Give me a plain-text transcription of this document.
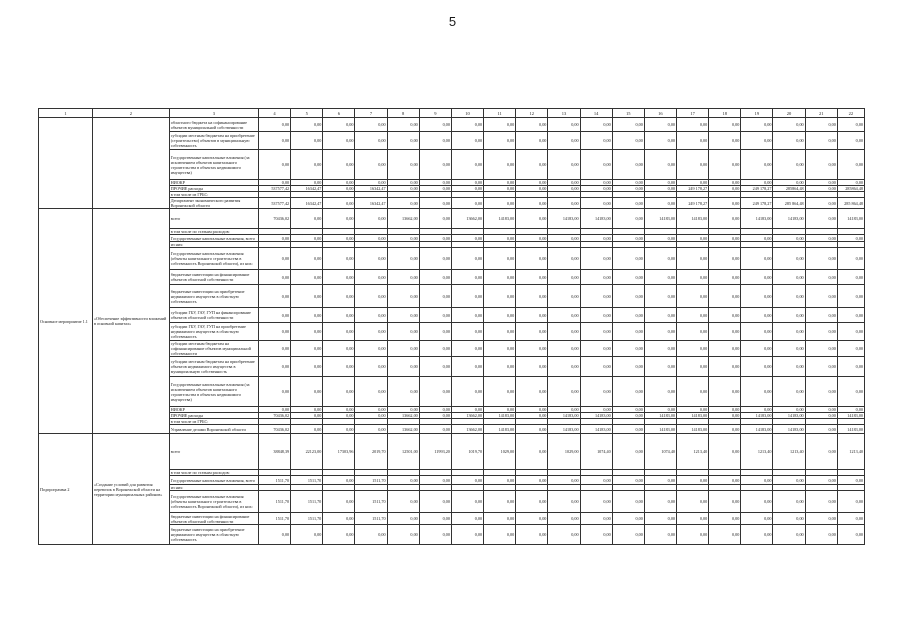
5
1	2	3	4	5	6	7	8	9	10	11	12	13	14	15	16	17	18	19	20	21	22
		областного бюджета на софинансирование объектов муниципальной собственности	0,00	0,00	0,00	0,00	0,00	0,00	0,00	0,00	0,00	0,00	0,00	0,00	0,00	0,00	0,00	0,00	0,00	0,00	0,00
		субсидии местным бюджетам на приобретение (строительство) объектов в муниципальную собственность	0,00	0,00	0,00	0,00	0,00	0,00	0,00	0,00	0,00	0,00	0,00	0,00	0,00	0,00	0,00	0,00	0,00	0,00	0,00
		Государственные капитальные вложения (за исключением объектов капитального строительства в объектах недвижимого имущества)	0,00	0,00	0,00	0,00	0,00	0,00	0,00	0,00	0,00	0,00	0,00	0,00	0,00	0,00	0,00	0,00	0,00	0,00	0,00
		НИОКР	0,00	0,00	0,00	0,00	0,00	0,00	0,00	0,00	0,00	0,00	0,00	0,00	0,00	0,00	0,00	0,00	0,00	0,00	0,00
		ПРОЧИЕ расходы	537577,42	16342,47	0,00	16342,47	0,00	0,00	0,00	0,00	0,00	0,00	0,00	0,00	0,00	249 178,27	0,00	249 178,27	285864,48	0,00	285864,48
		в том числе из ГРБС:																			
		Департамент экономического развития Воронежской области	537577,42	16342,47	0,00	16342,47	0,00	0,00	0,00	0,00	0,00	0,00	0,00	0,00	0,00	249 178,27	0,00	249 178,27	285 864,48	0,00	285 864,48
Основное мероприятие 1.1	«Обеспечение эффективности вложений в основной капитал»	всего	70436,02	0,00	0,00	0,00	13662,00	0,00	13662,00	14183,00	0,00	14183,00	14183,00	0,00	14183,00	14183,00	0,00	14183,00	14183,00	0,00	14183,00
		в том числе по статьям расходов:																			
		Государственные капитальные вложения, всего	0,00	0,00	0,00	0,00	0,00	0,00	0,00	0,00	0,00	0,00	0,00	0,00	0,00	0,00	0,00	0,00	0,00	0,00	0,00
		из них:																			
		Государственные капитальные вложения (объекты капитального строительства в собственность Воронежской области), из них:	0,00	0,00	0,00	0,00	0,00	0,00	0,00	0,00	0,00	0,00	0,00	0,00	0,00	0,00	0,00	0,00	0,00	0,00	0,00
		бюджетные инвестиции на финансирование объектов областной собственности	0,00	0,00	0,00	0,00	0,00	0,00	0,00	0,00	0,00	0,00	0,00	0,00	0,00	0,00	0,00	0,00	0,00	0,00	0,00
		бюджетные инвестиции на приобретение недвижимого имущества в областную собственность	0,00	0,00	0,00	0,00	0,00	0,00	0,00	0,00	0,00	0,00	0,00	0,00	0,00	0,00	0,00	0,00	0,00	0,00	0,00
		субсидии ГБУ, ГАУ, ГУП на финансирование объектов областной собственности	0,00	0,00	0,00	0,00	0,00	0,00	0,00	0,00	0,00	0,00	0,00	0,00	0,00	0,00	0,00	0,00	0,00	0,00	0,00
		субсидии ГБУ, ГАУ, ГУП на приобретение недвижимого имущества в областную собственность	0,00	0,00	0,00	0,00	0,00	0,00	0,00	0,00	0,00	0,00	0,00	0,00	0,00	0,00	0,00	0,00	0,00	0,00	0,00
		субсидии местным бюджетам на софинансирование объектов муниципальной собственности	0,00	0,00	0,00	0,00	0,00	0,00	0,00	0,00	0,00	0,00	0,00	0,00	0,00	0,00	0,00	0,00	0,00	0,00	0,00
		субсидии местным бюджетам на приобретение объектов недвижимого имущества в муниципальную собственность	0,00	0,00	0,00	0,00	0,00	0,00	0,00	0,00	0,00	0,00	0,00	0,00	0,00	0,00	0,00	0,00	0,00	0,00	0,00
		Государственные капитальные вложения (за исключением объектов капитального строительства в объектах недвижимого имущества)	0,00	0,00	0,00	0,00	0,00	0,00	0,00	0,00	0,00	0,00	0,00	0,00	0,00	0,00	0,00	0,00	0,00	0,00	0,00
		НИОКР	0,00	0,00	0,00	0,00	0,00	0,00	0,00	0,00	0,00	0,00	0,00	0,00	0,00	0,00	0,00	0,00	0,00	0,00	0,00
		ПРОЧИЕ расходы	70436,02	0,00	0,00	0,00	13662,00	0,00	13662,00	14183,00	0,00	14183,00	14183,00	0,00	14183,00	14183,00	0,00	14183,00	14183,00	0,00	14183,00
		в том числе из ГРБС:																			
		Управление делами Воронежской области	70436,02	0,00	0,00	0,00	13662,00	0,00	13662,00	14183,00	0,00	14183,00	14183,00	0,00	14183,00	14183,00	0,00	14183,00	14183,00	0,00	14183,00
Подпрограмма 2	«Создание условий для развития перевозок в Воронежской области на территории муниципальных районов»	всего	38848,39	22123,00	17303,96	2019,70	12501,00	11993,20	1019,70	1029,00	0,00	1029,00	1074,40	0,00	1074,40	1213,40	0,00	1213,40	1213,40	0,00	1213,40
		в том числе по статьям расходов:																			
		Государственные капитальные вложения, всего	1511,70	1511,70	0,00	1511,70	0,00	0,00	0,00	0,00	0,00	0,00	0,00	0,00	0,00	0,00	0,00	0,00	0,00	0,00	0,00
		из них:																			
		Государственные капитальные вложения (объекты капитального строительства в собственность Воронежской области), из них:	1511,70	1511,70	0,00	1511,70	0,00	0,00	0,00	0,00	0,00	0,00	0,00	0,00	0,00	0,00	0,00	0,00	0,00	0,00	0,00
		бюджетные инвестиции на финансирование объектов областной собственности	1511,70	1511,70	0,00	1511,70	0,00	0,00	0,00	0,00	0,00	0,00	0,00	0,00	0,00	0,00	0,00	0,00	0,00	0,00	0,00
		бюджетные инвестиции на приобретение недвижимого имущества в областную собственность	0,00	0,00	0,00	0,00	0,00	0,00	0,00	0,00	0,00	0,00	0,00	0,00	0,00	0,00	0,00	0,00	0,00	0,00	0,00
